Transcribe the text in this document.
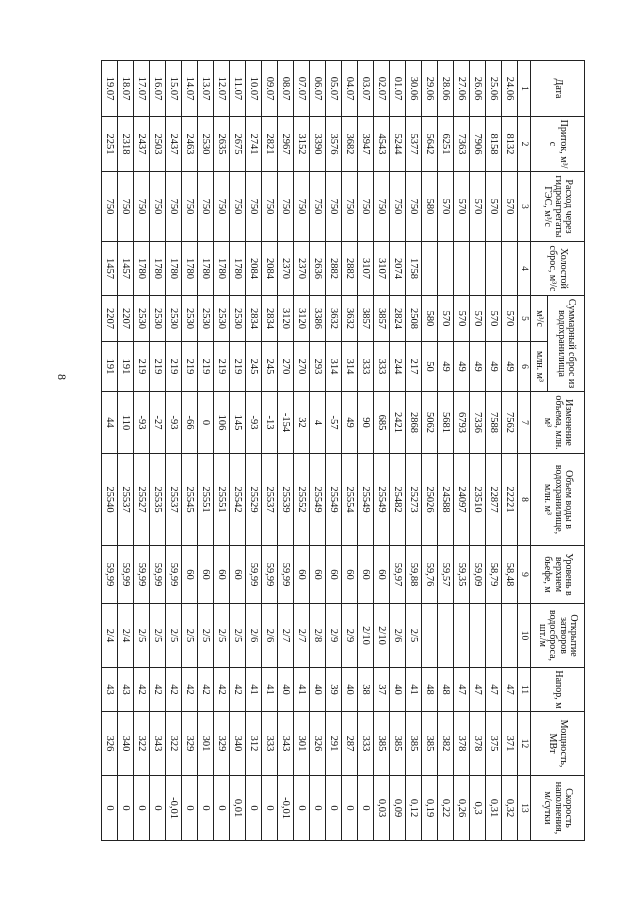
8
Дата	Приток, м³/с	Расход через гидроагрегаты ГЭС, м³/с	Холостой сброс, м³/с	Суммарный сброс из водохранилища		Изменение объема, млн. м³	Объем воды в водохранилище, млн. м³	Уровень в верхнем бьефе, м	Открытие затворов водосброса, шт./м	Напор, м	Мощность, МВт	Скорость наполнения, м/сутки
				м³/с	млн. м³							
1	2	3	4	5	6	7	8	9	10	11	12	13
24.06	8132	570		570	49	7562	22221	58,48		47	371	0,32
25.06	8158	570		570	49	7588	22877	58,79		47	375	0,31
26.06	7906	570		570	49	7336	23510	59,09		47	378	0,3
27.06	7363	570		570	49	6793	24097	59,35		47	378	0,26
28.06	6251	570		570	49	5681	24588	59,57		48	382	0,22
29.06	5642	580		580	50	5062	25026	59,76		48	385	0,19
30.06	5377	750	1758	2508	217	2868	25273	59,88	2/5	41	385	0,12
01.07	5244	750	2074	2824	244	2421	25482	59,97	2/6	40	385	0,09
02.07	4543	750	3107	3857	333	685	25549	60	2/10	37	385	0,03
03.07	3947	750	3107	3857	333	90	25549	60	2/10	38	333	0
04.07	3682	750	2882	3632	314	49	25554	60	2/9	40	287	0
05.07	3576	750	2882	3632	314	-57	25549	60	2/9	39	291	0
06.07	3390	750	2636	3386	293	4	25549	60	2/8	40	326	0
07.07	3152	750	2370	3120	270	32	25552	60	2/7	41	301	0
08.07	2967	750	2370	3120	270	-154	25539	59,99	2/7	40	343	-0,01
09.07	2821	750	2084	2834	245	-13	25537	59,99	2/6	41	333	0
10.07	2741	750	2084	2834	245	-93	25529	59,99	2/6	41	312	0
11.07	2675	750	1780	2530	219	145	25542	60	2/5	42	340	0,01
12.07	2635	750	1780	2530	219	106	25551	60	2/5	42	329	0
13.07	2530	750	1780	2530	219	0	25551	60	2/5	42	301	0
14.07	2463	750	1780	2530	219	-66	25545	60	2/5	42	329	0
15.07	2437	750	1780	2530	219	-93	25537	59,99	2/5	42	322	-0,01
16.07	2503	750	1780	2530	219	-27	25535	59,99	2/5	42	343	0
17.07	2437	750	1780	2530	219	-93	25527	59,99	2/5	42	322	0
18.07	2318	750	1457	2207	191	110	25537	59,99	2/4	43	340	0
19.07	2251	750	1457	2207	191	44	25540	59,99	2/4	43	326	0
